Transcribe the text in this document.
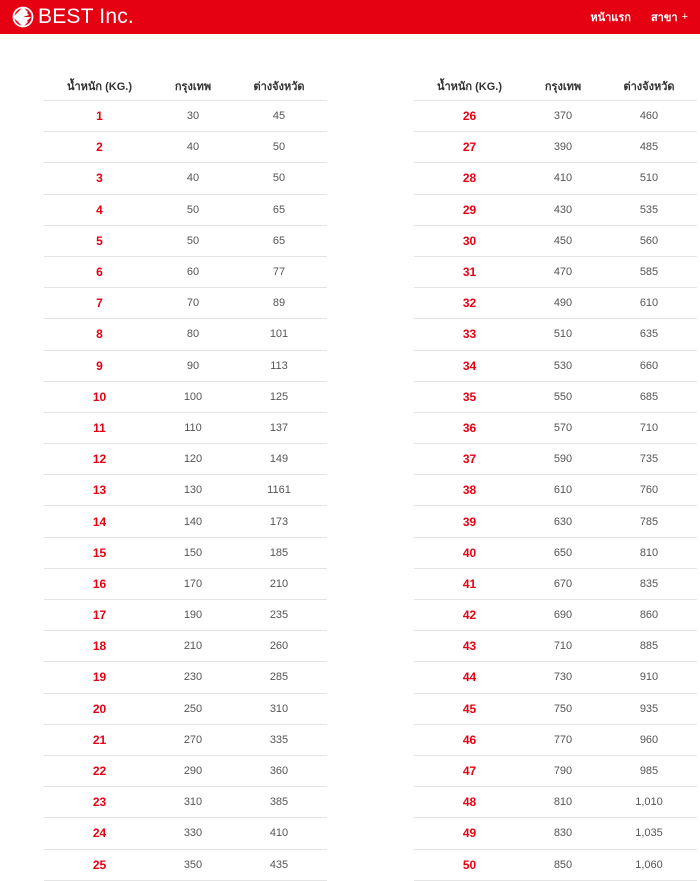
BEST Inc.	หน้าแรก สาขา +
น้ำหนัก (KG.)	กรุงเทพ	ต่างจังหวัด
1	30	45
2	40	50
3	40	50
4	50	65
5	50	65
6	60	77
7	70	89
8	80	101
9	90	113
10	100	125
11	110	137
12	120	149
13	130	1161
14	140	173
15	150	185
16	170	210
17	190	235
18	210	260
19	230	285
20	250	310
21	270	335
22	290	360
23	310	385
24	330	410
25	350	435
น้ำหนัก (KG.)	กรุงเทพ	ต่างจังหวัด
26	370	460
27	390	485
28	410	510
29	430	535
30	450	560
31	470	585
32	490	610
33	510	635
34	530	660
35	550	685
36	570	710
37	590	735
38	610	760
39	630	785
40	650	810
41	670	835
42	690	860
43	710	885
44	730	910
45	750	935
46	770	960
47	790	985
48	810	1,010
49	830	1,035
50	850	1,060
